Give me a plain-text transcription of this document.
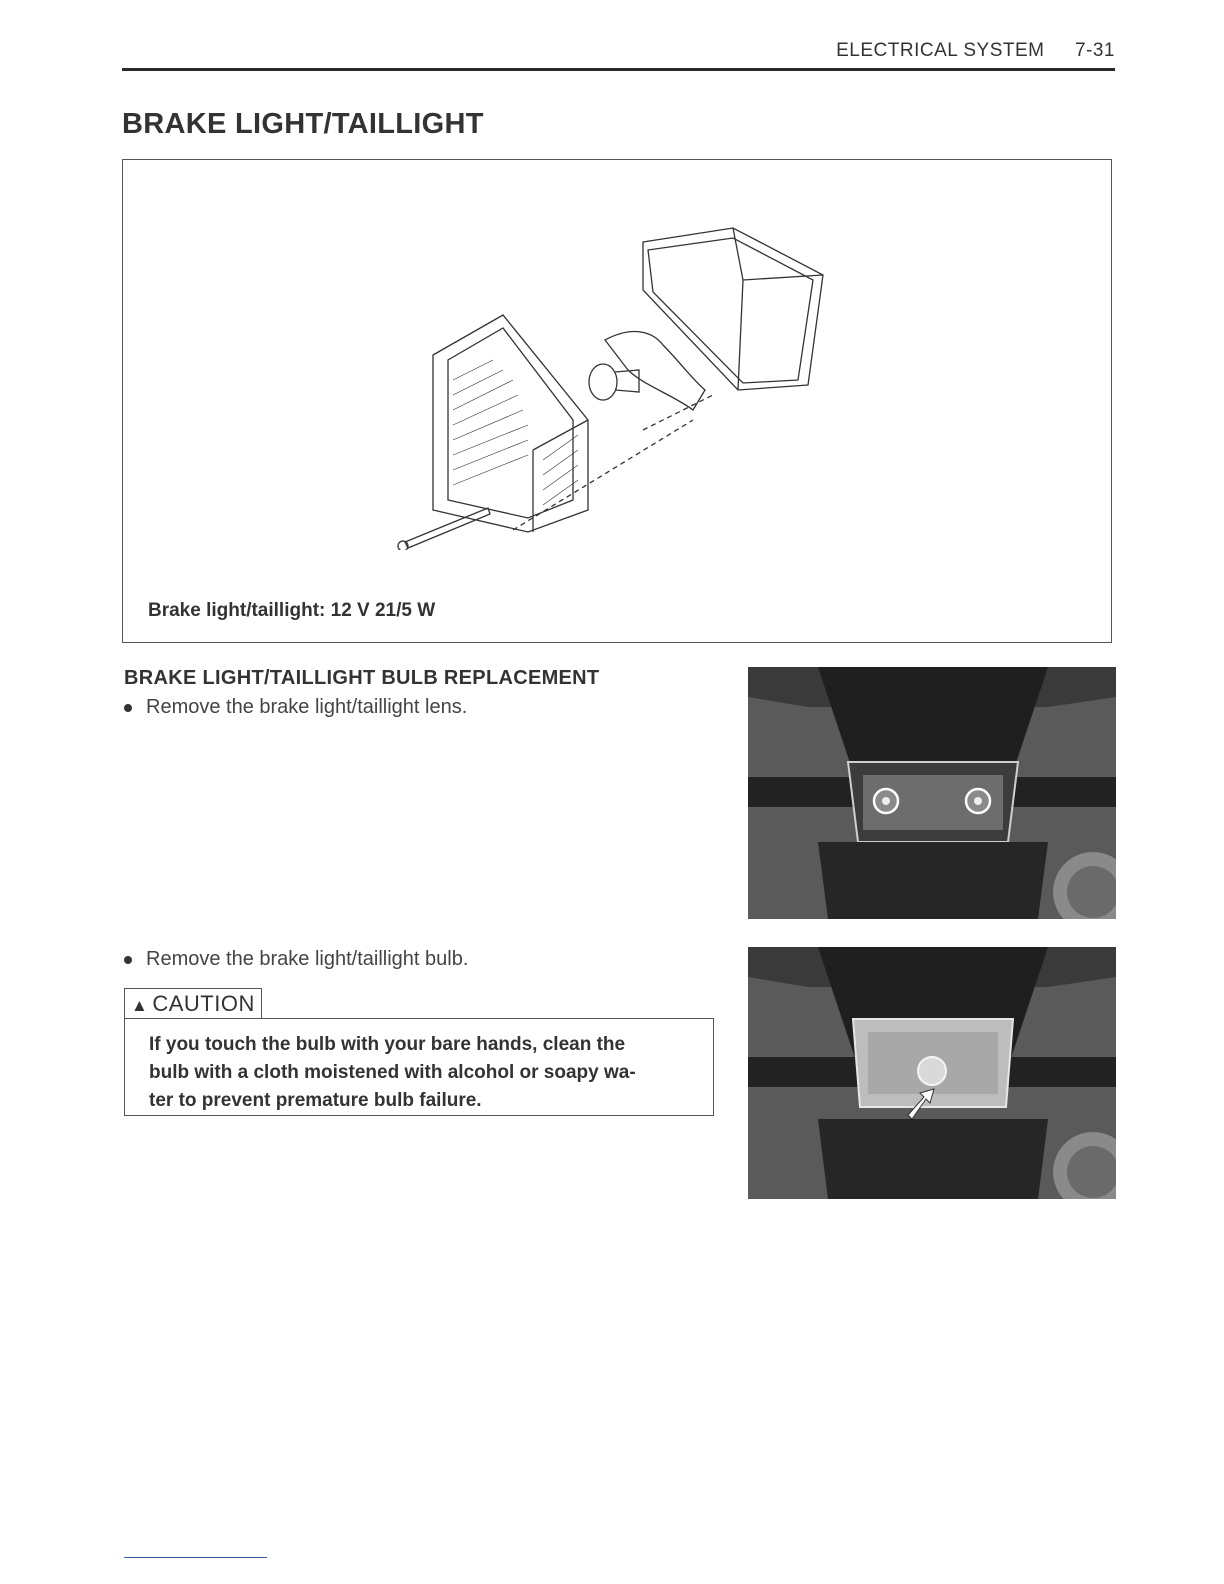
ELECTRICAL SYSTEM 7-31
BRAKE LIGHT/TAILLIGHT
Brake light/taillight: 12 V 21/5 W
BRAKE LIGHT/TAILLIGHT BULB REPLACEMENT
Remove the brake light/taillight lens.
Remove the brake light/taillight bulb.
▲ CAUTION
If you touch the bulb with your bare hands, clean the
bulb with a cloth moistened with alcohol or soapy wa-
ter to prevent premature bulb failure.
